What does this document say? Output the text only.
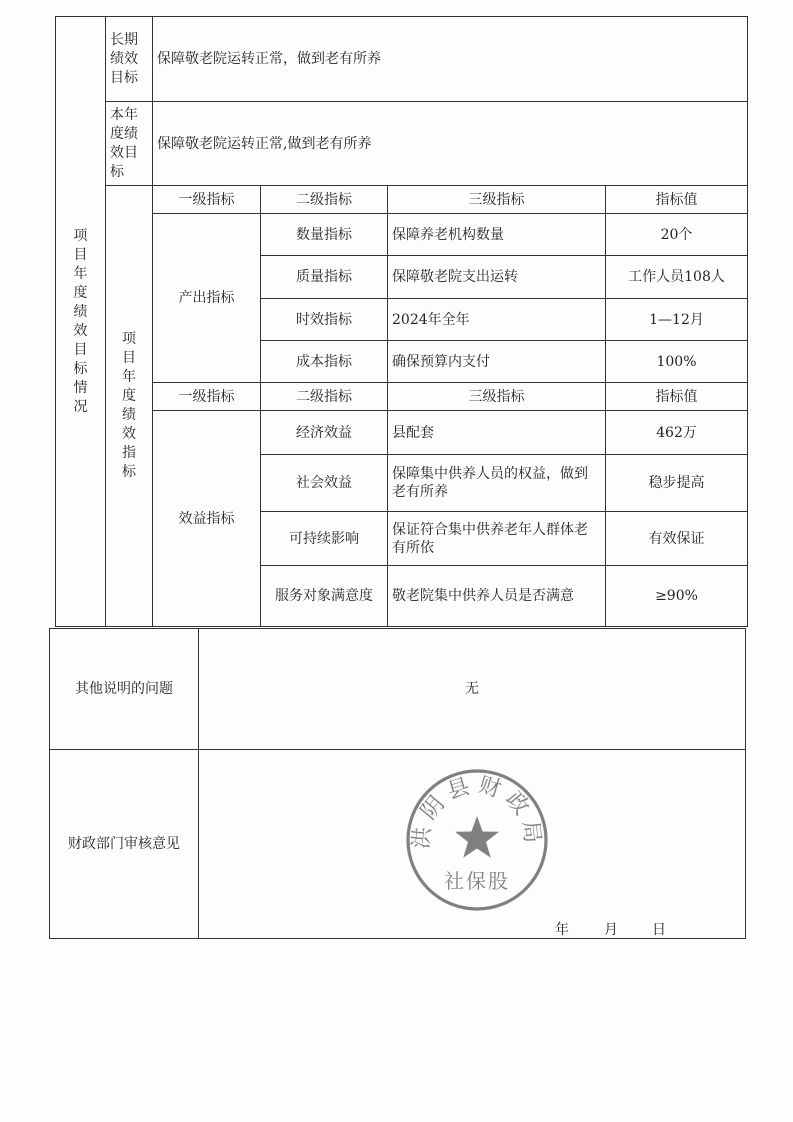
项目年度绩效目标情况	长期绩效目标	保障敬老院运转正常，做到老有所养			
	本年度绩效目标	保障敬老院运转正常,做到老有所养			
	项目年度绩效指标	一级指标	二级指标	三级指标	指标值
		产出指标	数量指标	保障养老机构数量	20个
			质量指标	保障敬老院支出运转	工作人员108人
			时效指标	2024年全年	1—12月
			成本指标	确保预算内支付	100%
		一级指标	二级指标	三级指标	指标值
		效益指标	经济效益	县配套	462万
			社会效益	保障集中供养人员的权益，做到老有所养	稳步提高
			可持续影响	保证符合集中供养老年人群体老有所依	有效保证
			服务对象满意度	敬老院集中供养人员是否满意	≥90%
其他说明的问题	无
财政部门审核意见		洪阴县财政局
社保股
年	月 日
